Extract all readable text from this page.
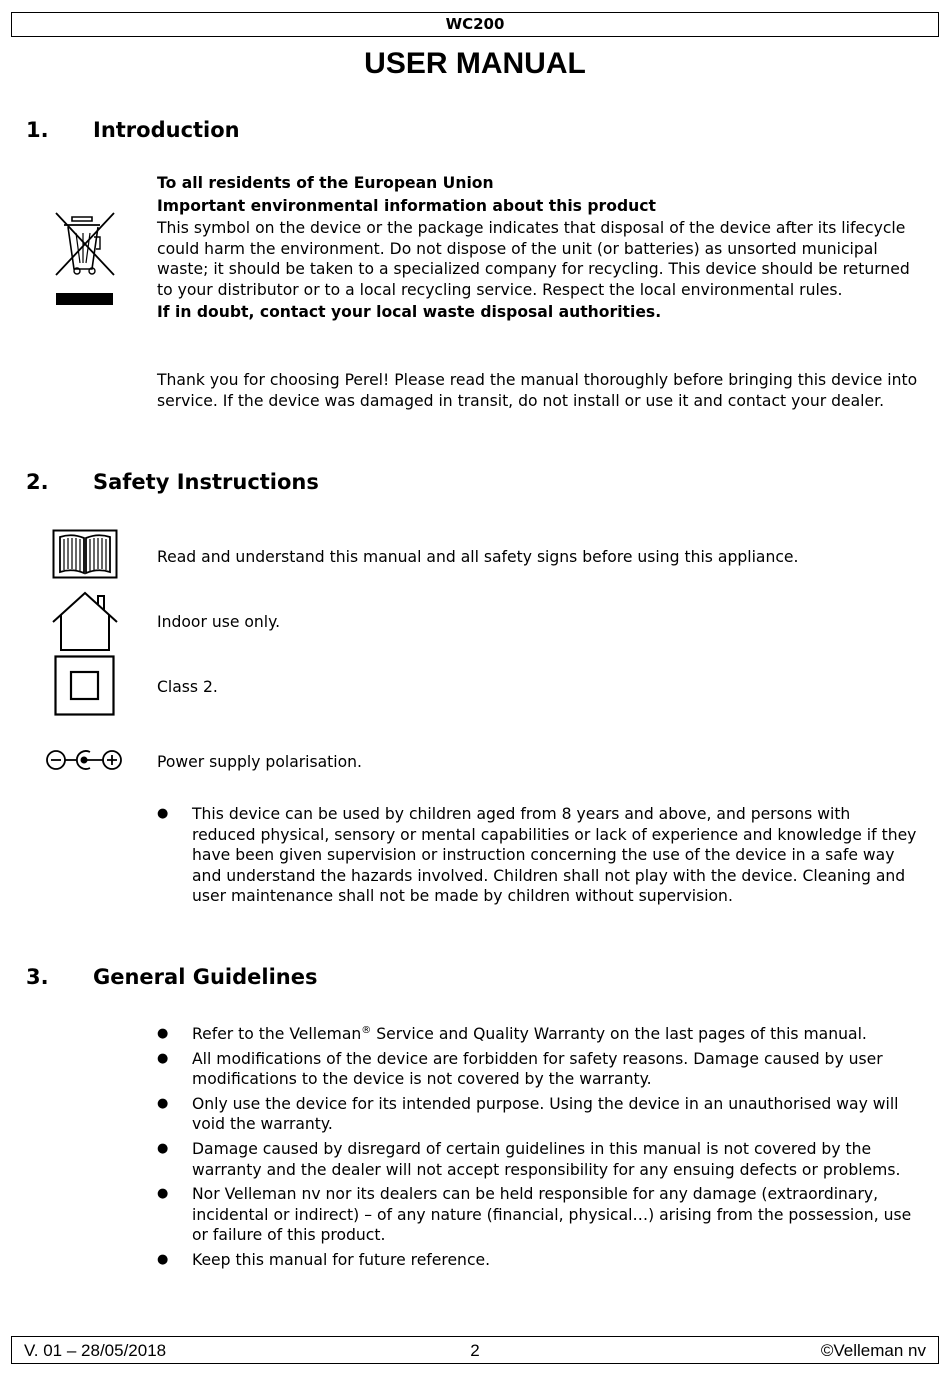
WC200
USER MANUAL
1. Introduction
To all residents of the European Union
Important environmental information about this product
This symbol on the device or the package indicates that disposal of the device after its lifecycle could harm the environment. Do not dispose of the unit (or batteries) as unsorted municipal waste; it should be taken to a specialized company for recycling. This device should be returned to your distributor or to a local recycling service. Respect the local environmental rules.
If in doubt, contact your local waste disposal authorities.
Thank you for choosing Perel! Please read the manual thoroughly before bringing this device into service. If the device was damaged in transit, do not install or use it and contact your dealer.
2. Safety Instructions
Read and understand this manual and all safety signs before using this appliance.
Indoor use only.
Class 2.
Power supply polarisation.
● This device can be used by children aged from 8 years and above, and persons with reduced physical, sensory or mental capabilities or lack of experience and knowledge if they have been given supervision or instruction concerning the use of the device in a safe way and understand the hazards involved. Children shall not play with the device. Cleaning and user maintenance shall not be made by children without supervision.
3. General Guidelines
● Refer to the Velleman® Service and Quality Warranty on the last pages of this manual.
● All modifications of the device are forbidden for safety reasons. Damage caused by user modifications to the device is not covered by the warranty.
● Only use the device for its intended purpose. Using the device in an unauthorised way will void the warranty.
● Damage caused by disregard of certain guidelines in this manual is not covered by the warranty and the dealer will not accept responsibility for any ensuing defects or problems.
● Nor Velleman nv nor its dealers can be held responsible for any damage (extraordinary, incidental or indirect) – of any nature (financial, physical…) arising from the possession, use or failure of this product.
● Keep this manual for future reference.
2
V. 01 – 28/05/2018	©Velleman nv
